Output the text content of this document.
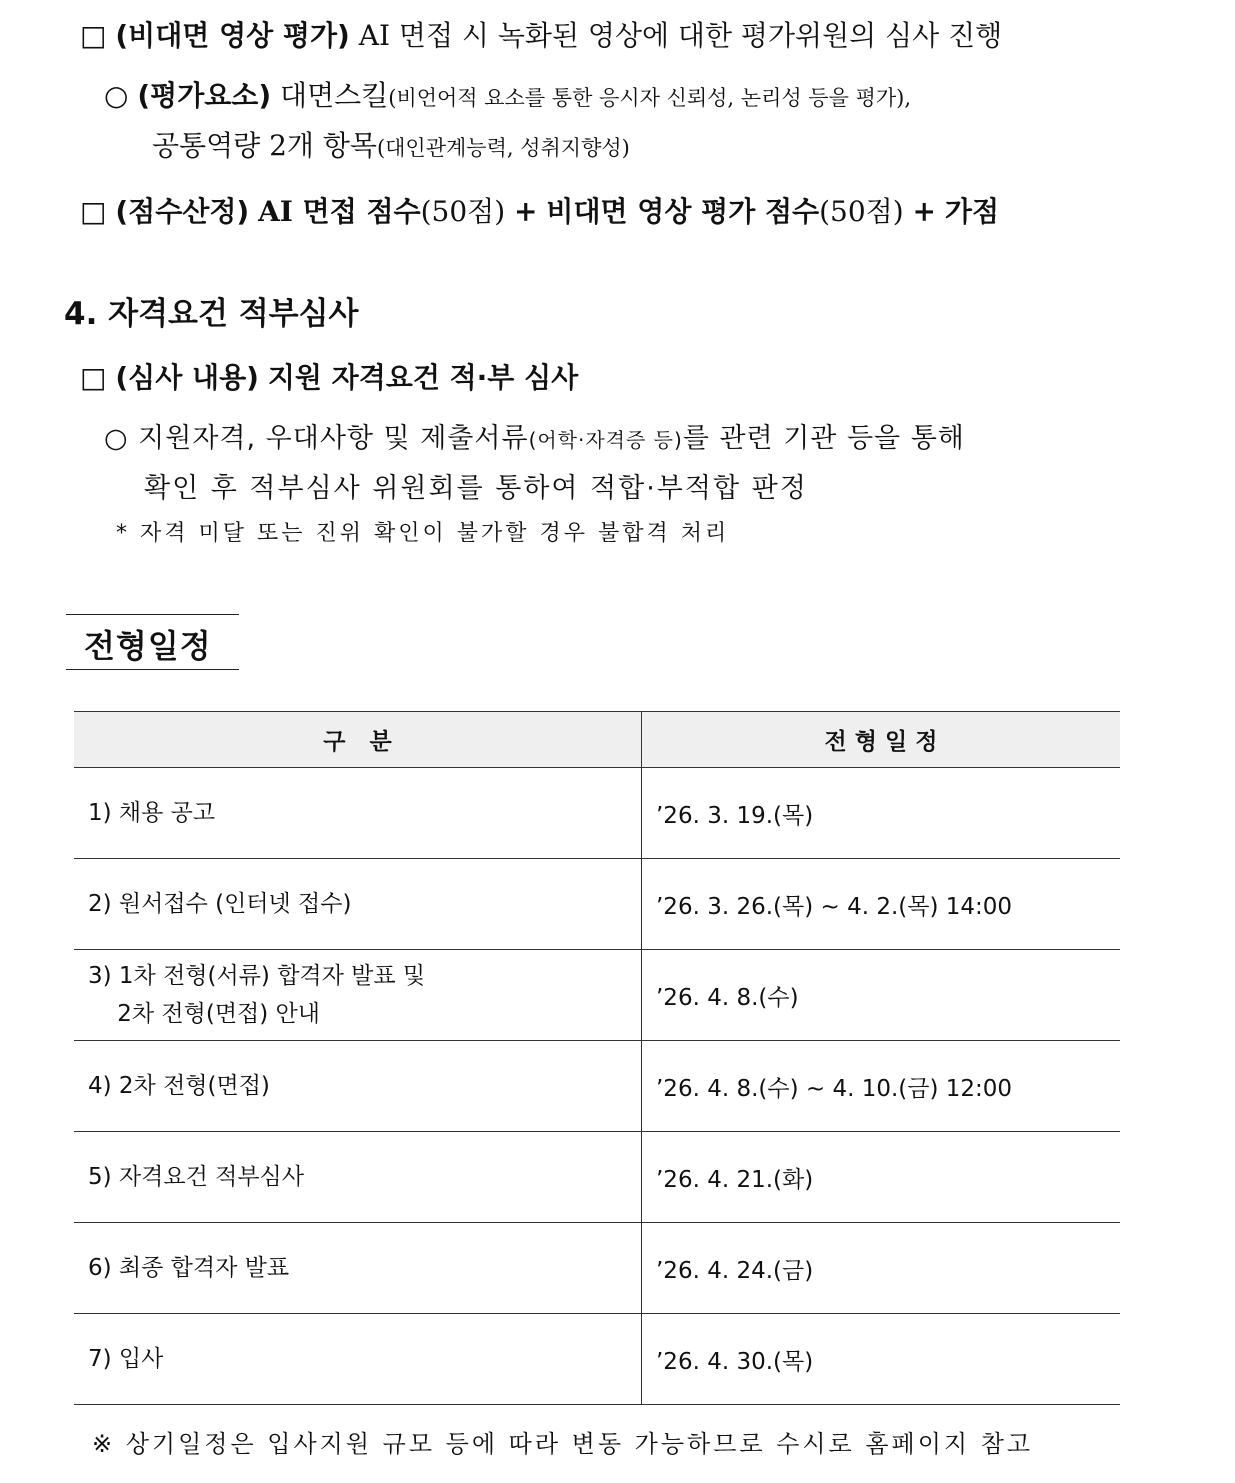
□ (비대면 영상 평가) AI 면접 시 녹화된 영상에 대한 평가위원의 심사 진행
○ (평가요소) 대면스킬(비언어적 요소를 통한 응시자 신뢰성, 논리성 등을 평가),
공통역량 2개 항목(대인관계능력, 성취지향성)
□ (점수산정) AI 면접 점수(50점) + 비대면 영상 평가 점수(50점) + 가점
4. 자격요건 적부심사
□ (심사 내용) 지원 자격요건 적·부 심사
○ 지원자격, 우대사항 및 제출서류(어학·자격증 등)를 관련 기관 등을 통해
확인 후 적부심사 위원회를 통하여 적합·부적합 판정
* 자격 미달 또는 진위 확인이 불가할 경우 불합격 처리
전형일정
구   분	전 형 일 정
1) 채용 공고	’26. 3. 19.(목)
2) 원서접수 (인터넷 접수)	’26. 3. 26.(목) ~ 4. 2.(목) 14:00
3) 1차 전형(서류) 합격자 발표 및
2차 전형(면접) 안내	’26. 4. 8.(수)
4) 2차 전형(면접)	’26. 4. 8.(수) ~ 4. 10.(금) 12:00
5) 자격요건 적부심사	’26. 4. 21.(화)
6) 최종 합격자 발표	’26. 4. 24.(금)
7) 입사	’26. 4. 30.(목)
※ 상기일정은 입사지원 규모 등에 따라 변동 가능하므로 수시로 홈페이지 참고
